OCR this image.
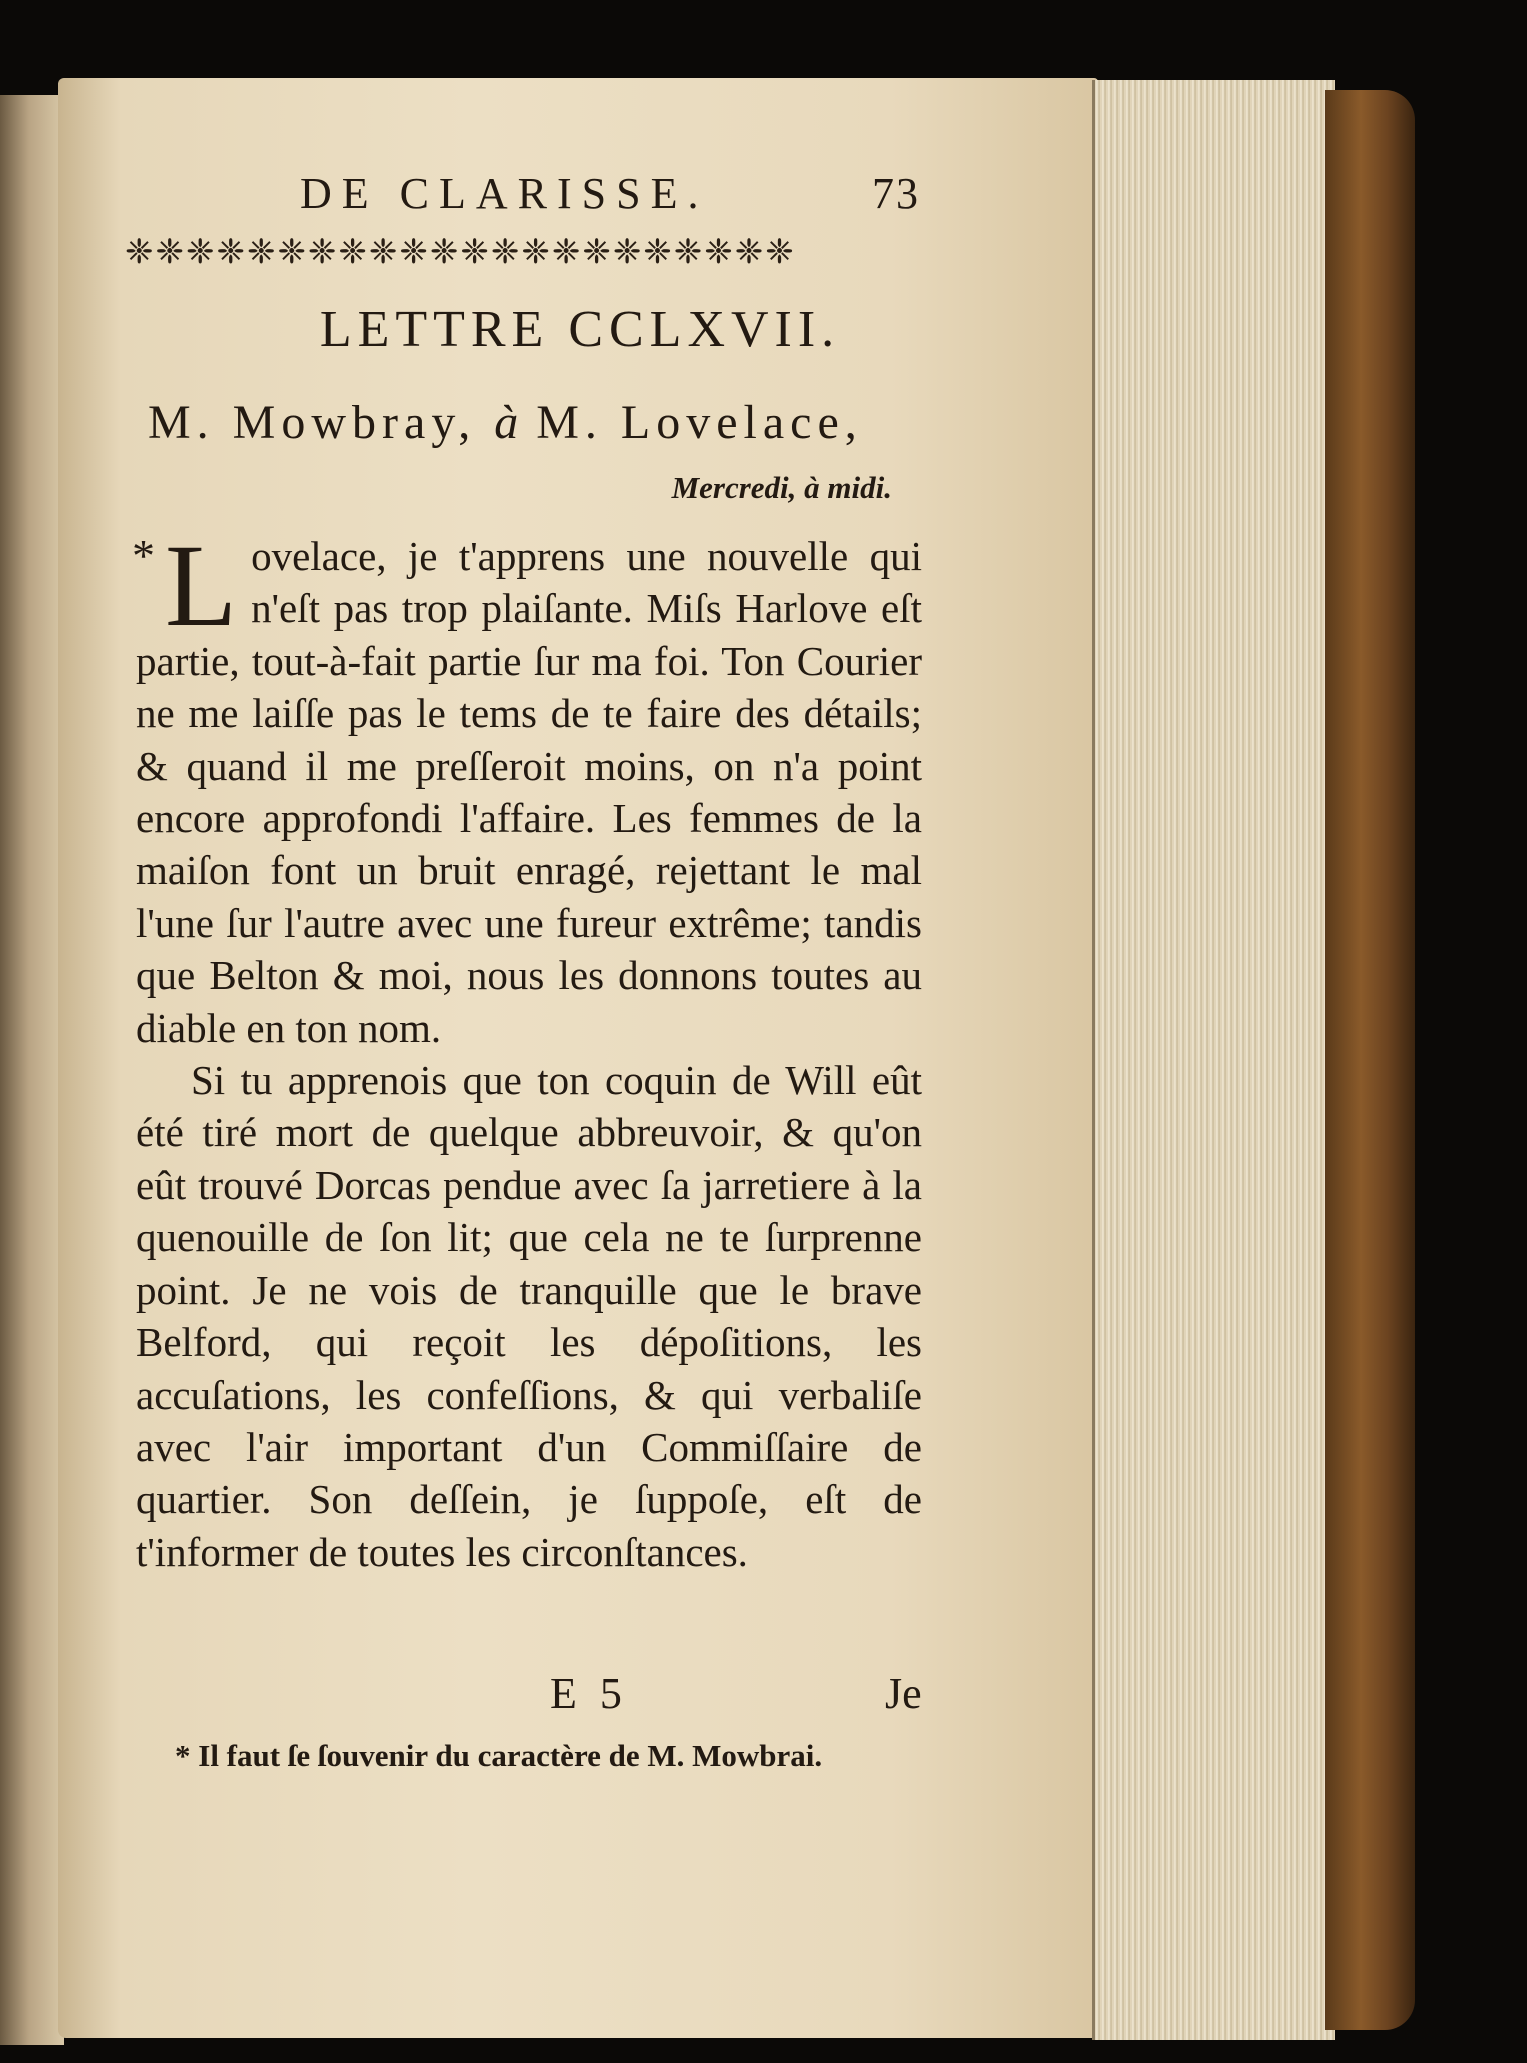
DE CLARISSE.	73
❈❈❈❈❈❈❈❈❈❈❈❈❈❈❈❈❈❈❈❈❈❈
LETTRE CCLXVII.
M. Mowbray, à M. Lovelace,
Mercredi, à midi.

* L ovelace, je t'apprens une nouvelle qui n'eſt pas trop plaiſante. Miſs Harlove eſt partie, tout-à-fait partie ſur ma foi. Ton Courier ne me laiſſe pas le tems de te faire des détails; & quand il me preſſeroit moins, on n'a point encore approfondi l'affaire. Les femmes de la maiſon font un bruit enragé, rejettant le mal l'une ſur l'autre avec une fureur extrême; tandis que Belton & moi, nous les donnons toutes au diable en ton nom.

Si tu apprenois que ton coquin de Will eût été tiré mort de quelque abbreuvoir, & qu'on eût trouvé Dorcas pendue avec ſa jarretiere à la quenouille de ſon lit; que cela ne te ſurprenne point. Je ne vois de tranquille que le brave Belford, qui reçoit les dépoſitions, les accuſations, les confeſſions, & qui verbaliſe avec l'air important d'un Commiſſaire de quartier. Son deſſein, je ſuppoſe, eſt de t'informer de toutes les circonſtances.

E 5	Je
* Il faut ſe ſouvenir du caractère de M. Mowbrai.
